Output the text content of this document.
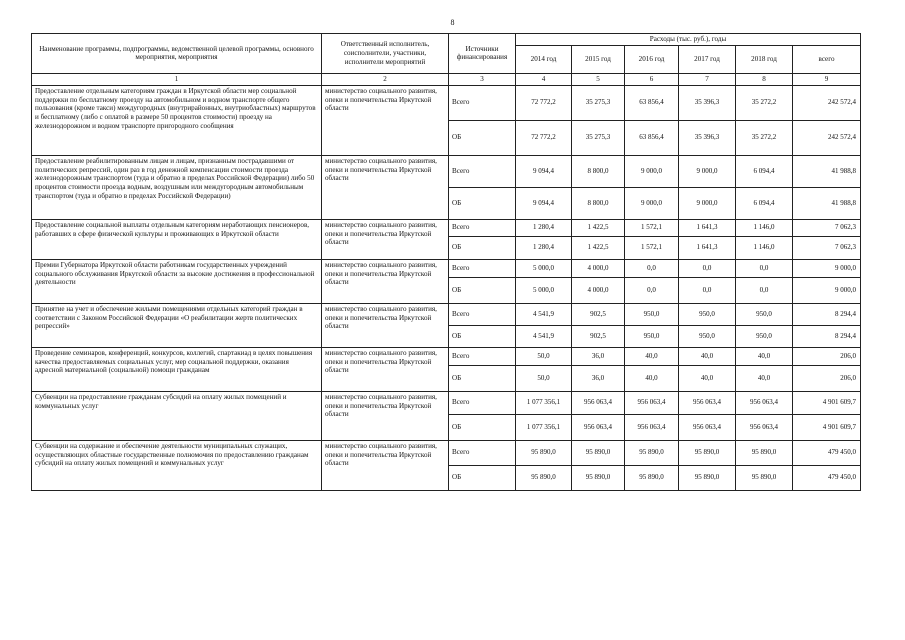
8
Наименование программы, подпрограммы, ведомственной целевой программы, основного мероприятия, мероприятия	Ответственный исполнитель, соисполнители, участники, исполнители мероприятий	Источники финансирования	Расходы (тыс. руб.), годы					
			2014 год	2015 год	2016 год	2017 год	2018 год	всего
1	2	3	4	5	6	7	8	9
Предоставление отдельным категориям граждан в Иркутской области мер социальной поддержки по бесплатному проезду на автомобильном и водном транспорте общего пользования (кроме такси) междугородных (внутрирайонных, внутриобластных) маршрутов и бесплатному (либо с оплатой в размере 50 процентов стоимости) проезду на железнодорожном и водном транспорте пригородного сообщения	министерство социального развития, опеки и попечительства Иркутской области	Всего	72 772,2	35 275,3	63 856,4	35 396,3	35 272,2	242 572,4
		ОБ	72 772,2	35 275,3	63 856,4	35 396,3	35 272,2	242 572,4
Предоставление реабилитированным лицам и лицам, признанным пострадавшими от политических репрессий, один раз в год денежной компенсации стоимости проезда железнодорожным транспортом (туда и обратно в пределах Российской Федерации) либо 50 процентов стоимости проезда водным, воздушным или междугородным автомобильным транспортом (туда и обратно в пределах Российской Федерации)	министерство социального развития, опеки и попечительства Иркутской области	Всего	9 094,4	8 800,0	9 000,0	9 000,0	6 094,4	41 988,8
		ОБ	9 094,4	8 800,0	9 000,0	9 000,0	6 094,4	41 988,8
Предоставление социальной выплаты отдельным категориям неработающих пенсионеров, работавших в сфере физической культуры и проживающих в Иркутской области	министерство социального развития, опеки и попечительства Иркутской области	Всего	1 280,4	1 422,5	1 572,1	1 641,3	1 146,0	7 062,3
		ОБ	1 280,4	1 422,5	1 572,1	1 641,3	1 146,0	7 062,3
Премии Губернатора Иркутской области работникам государственных учреждений социального обслуживания Иркутской области за высокие достижения в профессиональной деятельности	министерство социального развития, опеки и попечительства Иркутской области	Всего	5 000,0	4 000,0	0,0	0,0	0,0	9 000,0
		ОБ	5 000,0	4 000,0	0,0	0,0	0,0	9 000,0
Принятие на учет и обеспечение жилыми помещениями отдельных категорий граждан в соответствии с Законом Российской Федерации «О реабилитации жертв политических репрессий»	министерство социального развития, опеки и попечительства Иркутской области	Всего	4 541,9	902,5	950,0	950,0	950,0	8 294,4
		ОБ	4 541,9	902,5	950,0	950,0	950,0	8 294,4
Проведение семинаров, конференций, конкурсов, коллегий, спартакиад в целях повышения качества предоставляемых социальных услуг, мер социальной поддержки, оказания адресной материальной (социальной) помощи гражданам	министерство социального развития, опеки и попечительства Иркутской области	Всего	50,0	36,0	40,0	40,0	40,0	206,0
		ОБ	50,0	36,0	40,0	40,0	40,0	206,0
Субвенции на предоставление гражданам субсидий на оплату жилых помещений и коммунальных услуг	министерство социального развития, опеки и попечительства Иркутской области	Всего	1 077 356,1	956 063,4	956 063,4	956 063,4	956 063,4	4 901 609,7
		ОБ	1 077 356,1	956 063,4	956 063,4	956 063,4	956 063,4	4 901 609,7
Субвенции на содержание и обеспечение деятельности муниципальных служащих, осуществляющих областные государственные полномочия по предоставлению гражданам субсидий на оплату жилых помещений и коммунальных услуг	министерство социального развития, опеки и попечительства Иркутской области	Всего	95 890,0	95 890,0	95 890,0	95 890,0	95 890,0	479 450,0
		ОБ	95 890,0	95 890,0	95 890,0	95 890,0	95 890,0	479 450,0
